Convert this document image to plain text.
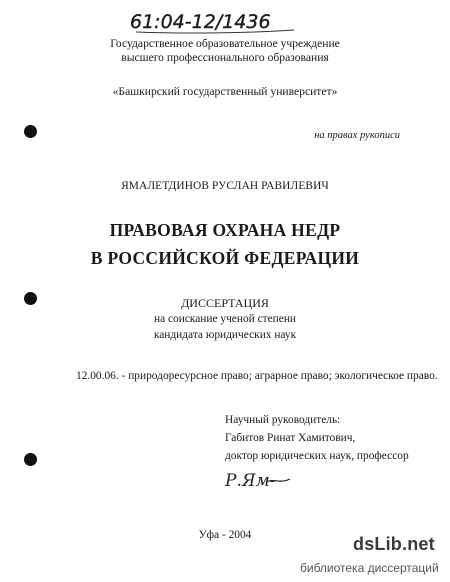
61:04-12/1436
Государственное образовательное учреждение
высшего профессионального образования
«Башкирский государственный университет»
на правах рукописи
ЯМАЛЕТДИНОВ РУСЛАН РАВИЛЕВИЧ
ПРАВОВАЯ ОХРАНА НЕДР
В РОССИЙСКОЙ ФЕДЕРАЦИИ
ДИССЕРТАЦИЯ
на соискание ученой степени
кандидата юридических наук
12.00.06. - природоресурсное право; аграрное право; экологическое право.
Научный руководитель:
Габитов Ринат Хамитович,
доктор юридических наук, профессор
Р.Ям-
Уфа - 2004	dsLib.net
библиотека диссертаций
